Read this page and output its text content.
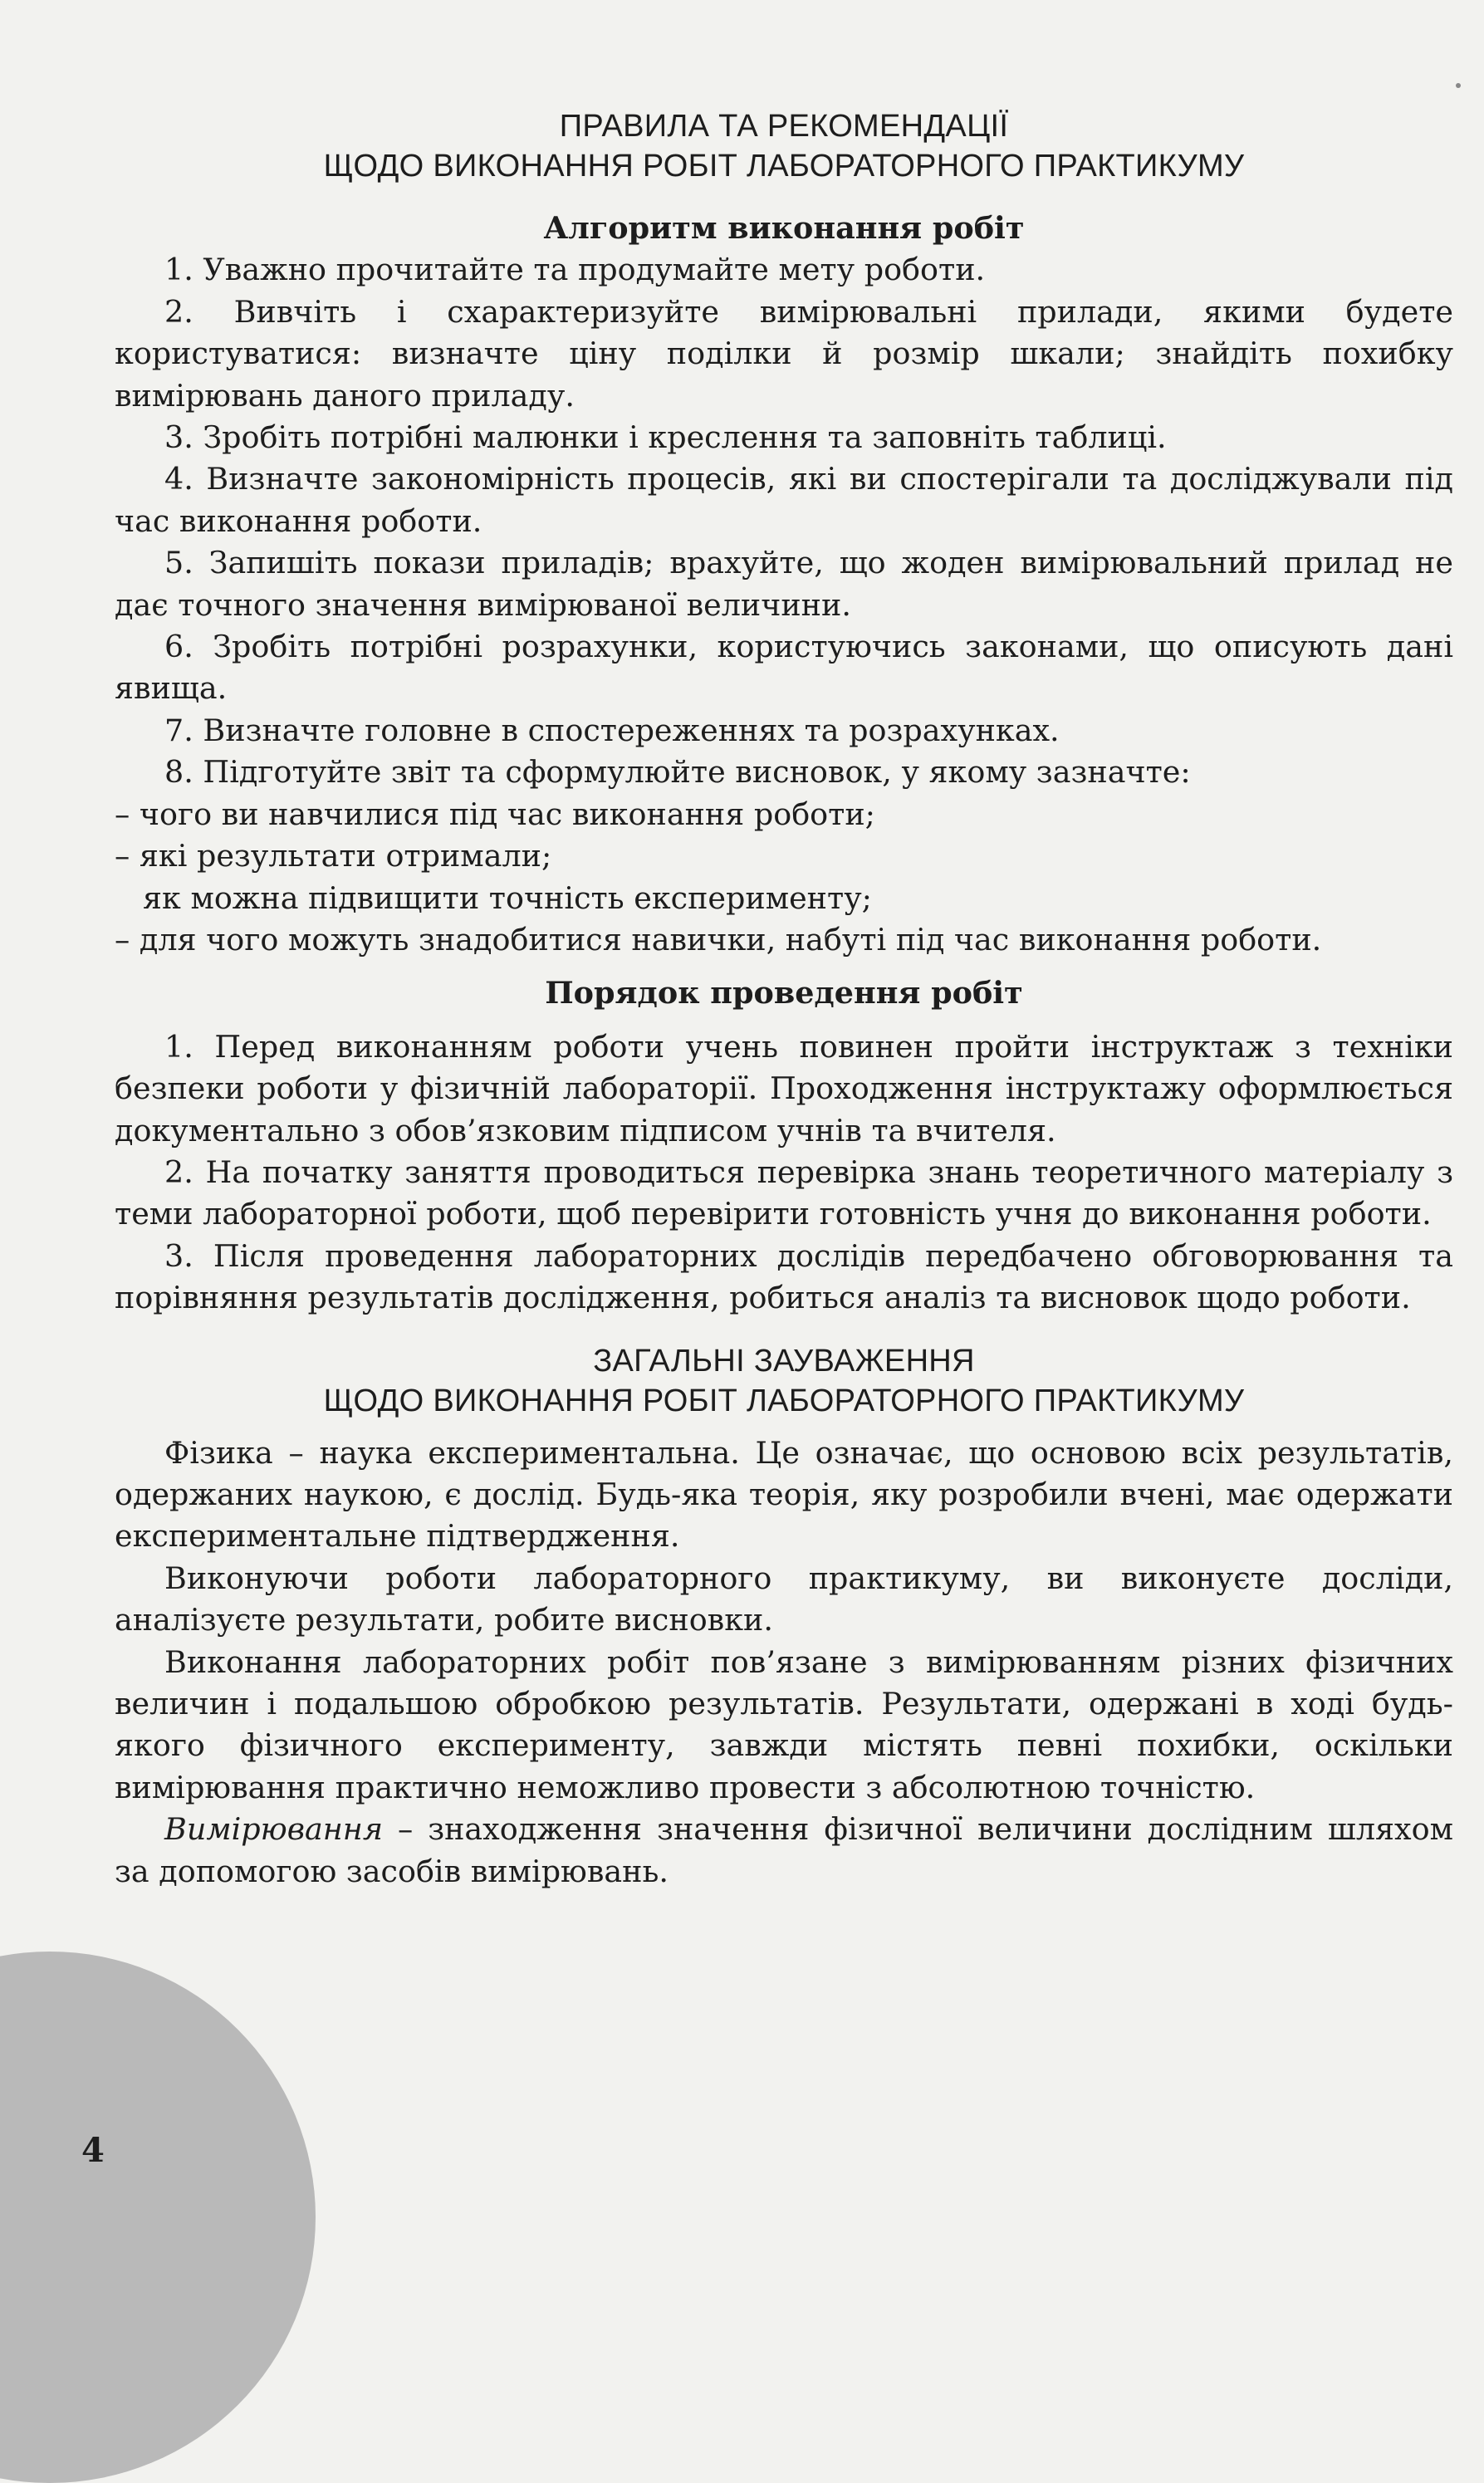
ПРАВИЛА ТА РЕКОМЕНДАЦІЇ
ЩОДО ВИКОНАННЯ РОБІТ ЛАБОРАТОРНОГО ПРАКТИКУМУ
Алгоритм виконання робіт

1. Уважно прочитайте та продумайте мету роботи.

2. Вивчіть і схарактеризуйте вимірювальні прилади, якими будете користуватися: визначте ціну поділки й розмір шкали; знайдіть похибку вимірювань даного приладу.

3. Зробіть потрібні малюнки і креслення та заповніть таблиці.

4. Визначте закономірність процесів, які ви спостерігали та досліджували під час виконання роботи.

5. Запишіть покази приладів; врахуйте, що жоден вимірювальний прилад не дає точного значення вимірюваної величини.

6. Зробіть потрібні розрахунки, користуючись законами, що описують дані явища.

7. Визначте головне в спостереженнях та розрахунках.

8. Підготуйте звіт та сформулюйте висновок, у якому зазначте:

– чого ви навчилися під час виконання роботи;

– які результати отримали;

як можна підвищити точність експерименту;

– для чого можуть знадобитися навички, набуті під час виконання роботи.

Порядок проведення робіт

1. Перед виконанням роботи учень повинен пройти інструктаж з техніки безпеки роботи у фізичній лабораторії. Проходження інструктажу оформлюється документально з обов’язковим підписом учнів та вчителя.

2. На початку заняття проводиться перевірка знань теоретичного матеріалу з теми лабораторної роботи, щоб перевірити готовність учня до виконання роботи.

3. Після проведення лабораторних дослідів передбачено обговорювання та порівняння результатів дослідження, робиться аналіз та висновок щодо роботи.

ЗАГАЛЬНІ ЗАУВАЖЕННЯ
ЩОДО ВИКОНАННЯ РОБІТ ЛАБОРАТОРНОГО ПРАКТИКУМУ

Фізика – наука експериментальна. Це означає, що основою всіх результатів, одержаних наукою, є дослід. Будь-яка теорія, яку розробили вчені, має одержати експериментальне підтвердження.

Виконуючи роботи лабораторного практикуму, ви виконуєте досліди, аналізуєте результати, робите висновки.

Виконання лабораторних робіт пов’язане з вимірюванням різних фізичних величин і подальшою обробкою результатів. Результати, одержані в ході будь-якого фізичного експерименту, завжди містять певні похибки, оскільки вимірювання практично неможливо провести з абсолютною точністю.

Вимірювання – знаходження значення фізичної величини дослідним шляхом за допомогою засобів вимірювань.

4
